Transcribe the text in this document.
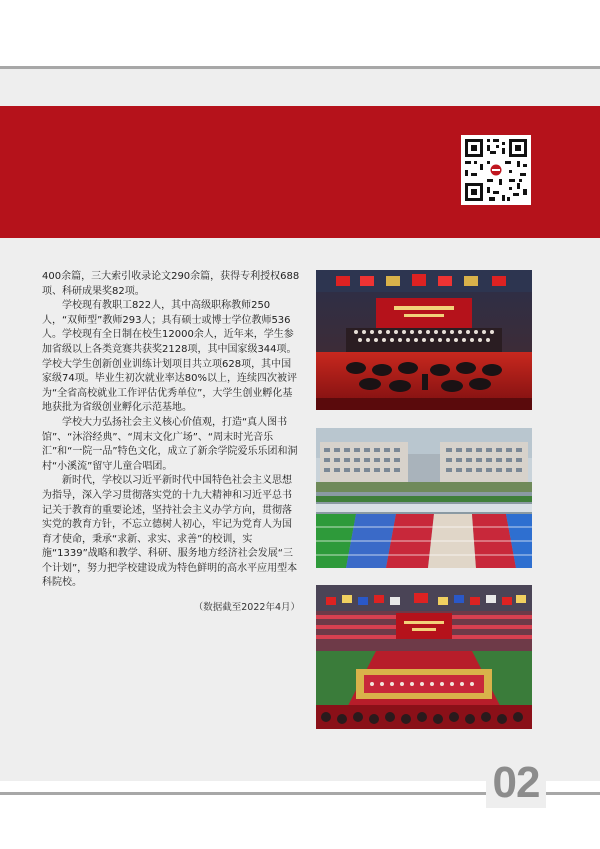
400余篇，三大索引收录论文290余篇，获得专利授权688项、科研成果奖82项。

学校现有教职工822人，其中高级职称教师250人，“双师型”教师293人；具有硕士或博士学位教师536人。学校现有全日制在校生12000余人，近年来，学生参加省级以上各类竞赛共获奖2128项，其中国家级344项。学校大学生创新创业训练计划项目共立项628项，其中国家级74项。毕业生初次就业率达80%以上，连续四次被评为“全省高校就业工作评估优秀单位”，大学生创业孵化基地获批为省级创业孵化示范基地。

学校大力弘扬社会主义核心价值观，打造“真人图书馆”、“沐浴经典”、“周末文化广场”、“周末时光音乐汇”和“一院一品”特色文化，成立了新余学院爱乐乐团和洞村“小溪流”留守儿童合唱团。

新时代，学校以习近平新时代中国特色社会主义思想为指导，深入学习贯彻落实党的十九大精神和习近平总书记关于教育的重要论述，坚持社会主义办学方向，贯彻落实党的教育方针，不忘立德树人初心，牢记为党育人为国育才使命，秉承“求新、求实、求善”的校训，实施“1339”战略和教学、科研、服务地方经济社会发展“三个计划”，努力把学校建设成为特色鲜明的高水平应用型本科院校。

（数据截至2022年4月）

02
